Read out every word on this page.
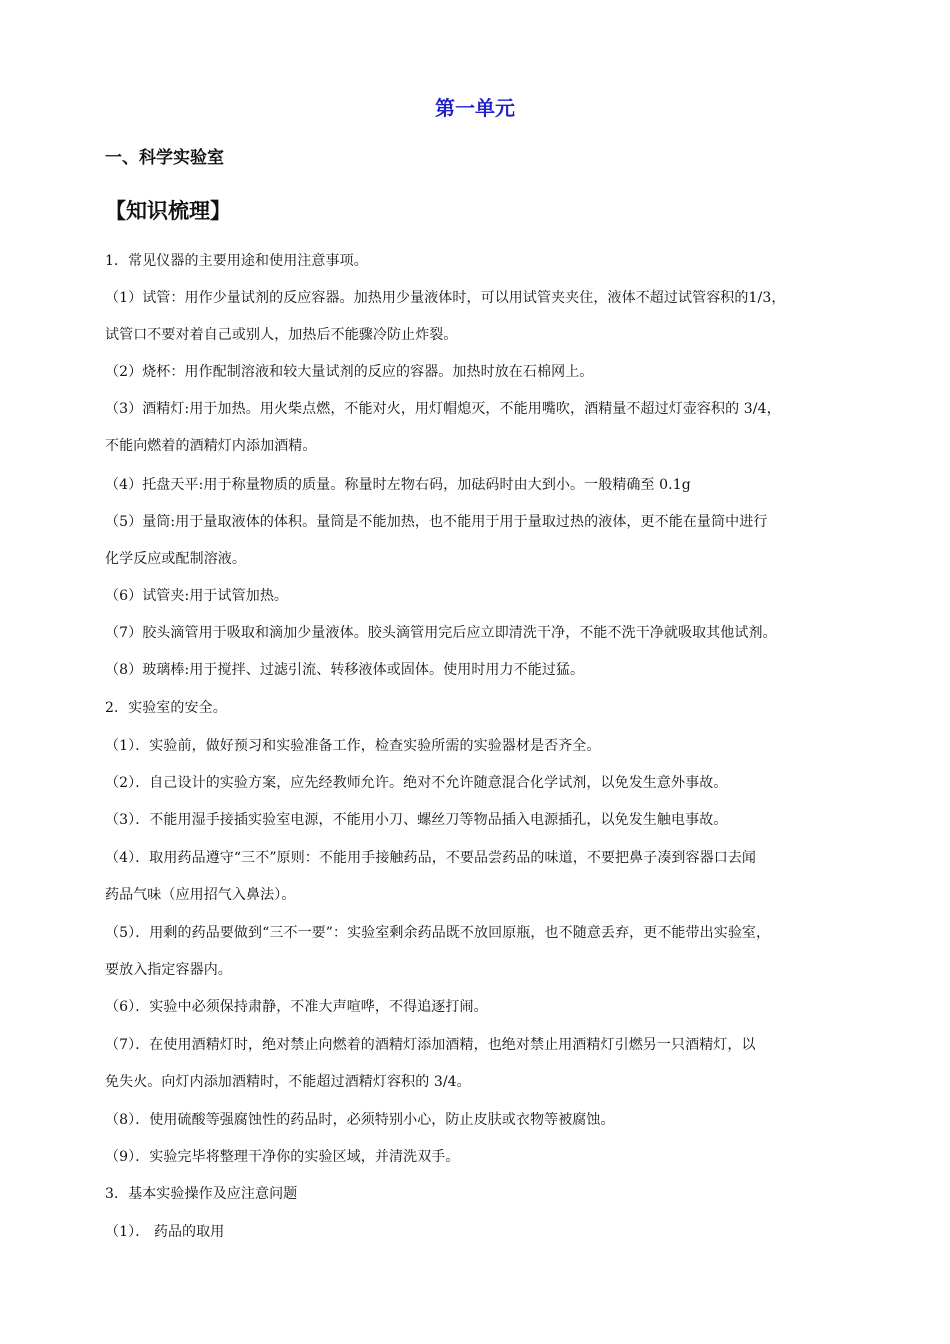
第一单元
一、科学实验室
【知识梳理】
1．常见仪器的主要用途和使用注意事项。
（1）试管：用作少量试剂的反应容器。加热用少量液体时，可以用试管夹夹住，液体不超过试管容积的1/3，
试管口不要对着自己或别人，加热后不能骤冷防止炸裂。
（2）烧杯：用作配制溶液和较大量试剂的反应的容器。加热时放在石棉网上。
（3）酒精灯:用于加热。用火柴点燃，不能对火，用灯帽熄灭，不能用嘴吹，酒精量不超过灯壶容积的 3/4，
不能向燃着的酒精灯内添加酒精。
（4）托盘天平:用于称量物质的质量。称量时左物右码，加砝码时由大到小。一般精确至 0.1g
（5）量筒:用于量取液体的体积。量筒是不能加热，也不能用于用于量取过热的液体，更不能在量筒中进行
化学反应或配制溶液。
（6）试管夹:用于试管加热。
（7）胶头滴管用于吸取和滴加少量液体。胶头滴管用完后应立即清洗干净，不能不洗干净就吸取其他试剂。
（8）玻璃棒:用于搅拌、过滤引流、转移液体或固体。使用时用力不能过猛。
2．实验室的安全。
（1）．实验前，做好预习和实验准备工作，检查实验所需的实验器材是否齐全。
（2）．自己设计的实验方案，应先经教师允许。绝对不允许随意混合化学试剂，以免发生意外事故。
（3）．不能用湿手接插实验室电源，不能用小刀、螺丝刀等物品插入电源插孔，以免发生触电事故。
（4）．取用药品遵守“三不”原则：不能用手接触药品，不要品尝药品的味道，不要把鼻子凑到容器口去闻
药品气味（应用招气入鼻法）。
（5）．用剩的药品要做到“三不一要”：实验室剩余药品既不放回原瓶，也不随意丢弃，更不能带出实验室，
要放入指定容器内。
（6）．实验中必须保持肃静，不准大声喧哗，不得追逐打闹。
（7）．在使用酒精灯时，绝对禁止向燃着的酒精灯添加酒精，也绝对禁止用酒精灯引燃另一只酒精灯，以
免失火。向灯内添加酒精时，不能超过酒精灯容积的 3/4。
（8）．使用硫酸等强腐蚀性的药品时，必须特别小心，防止皮肤或衣物等被腐蚀。
（9）．实验完毕将整理干净你的实验区域，并清洗双手。
3．基本实验操作及应注意问题
（1）． 药品的取用
